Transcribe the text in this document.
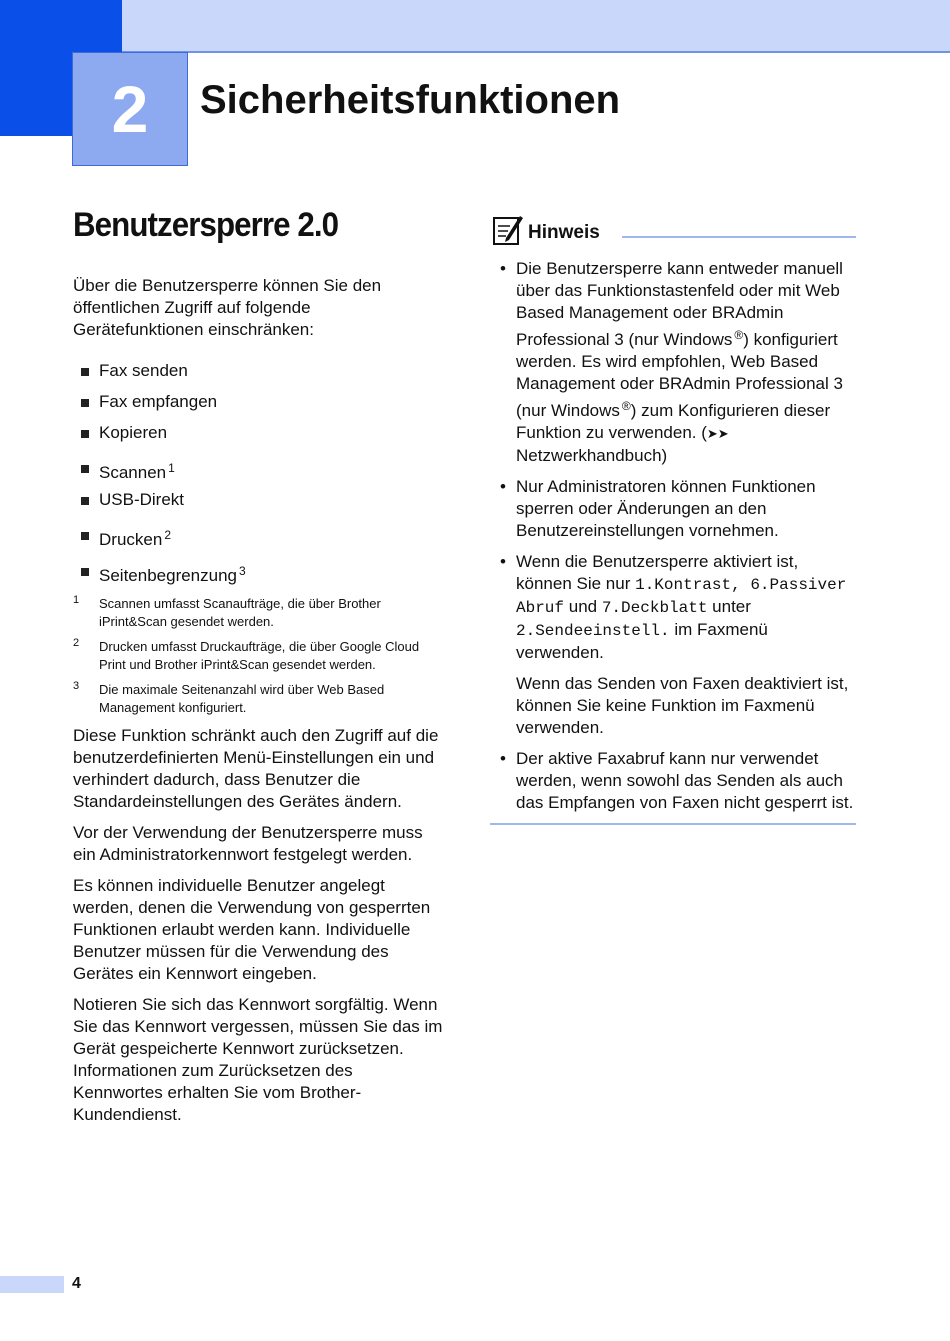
2 Sicherheitsfunktionen
Benutzersperre 2.0

Über die Benutzersperre können Sie den öffentlichen Zugriff auf folgende Gerätefunktionen einschränken:

Fax senden
Fax empfangen
Kopieren
Scannen $^1$
USB-Direkt
Drucken $^2$
Seitenbegrenzung $^3$
1 Scannen umfasst Scanaufträge, die über Brother iPrint&Scan gesendet werden.
2 Drucken umfasst Druckaufträge, die über Google Cloud Print und Brother iPrint&Scan gesendet werden.
3 Die maximale Seitenanzahl wird über Web Based Management konfiguriert.

Diese Funktion schränkt auch den Zugriff auf die benutzerdefinierten Menü-Einstellungen ein und verhindert dadurch, dass Benutzer die Standardeinstellungen des Gerätes ändern.

Vor der Verwendung der Benutzersperre muss ein Administratorkennwort festgelegt werden.

Es können individuelle Benutzer angelegt werden, denen die Verwendung von gesperrten Funktionen erlaubt werden kann. Individuelle Benutzer müssen für die Verwendung des Gerätes ein Kennwort eingeben.

Notieren Sie sich das Kennwort sorgfältig. Wenn Sie das Kennwort vergessen, müssen Sie das im Gerät gespeicherte Kennwort zurücksetzen. Informationen zum Zurücksetzen des Kennwortes erhalten Sie vom Brother-Kundendienst.

Hinweis
• Die Benutzersperre kann entweder manuell über das Funktionstastenfeld oder mit Web Based Management oder BRAdmin Professional 3 (nur Windows ®) konfiguriert werden. Es wird empfohlen, Web Based Management oder BRAdmin Professional 3 (nur Windows ®) zum Konfigurieren dieser Funktion zu verwenden. (➤➤ Netzwerkhandbuch)
• Nur Administratoren können Funktionen sperren oder Änderungen an den Benutzereinstellungen vornehmen.
• Wenn die Benutzersperre aktiviert ist, können Sie nur 1.Kontrast, 6.Passiver Abruf und 7.Deckblatt unter 2.Sendeeinstell. im Faxmenü verwenden.
Wenn das Senden von Faxen deaktiviert ist, können Sie keine Funktion im Faxmenü verwenden.
• Der aktive Faxabruf kann nur verwendet werden, wenn sowohl das Senden als auch das Empfangen von Faxen nicht gesperrt ist.
4
